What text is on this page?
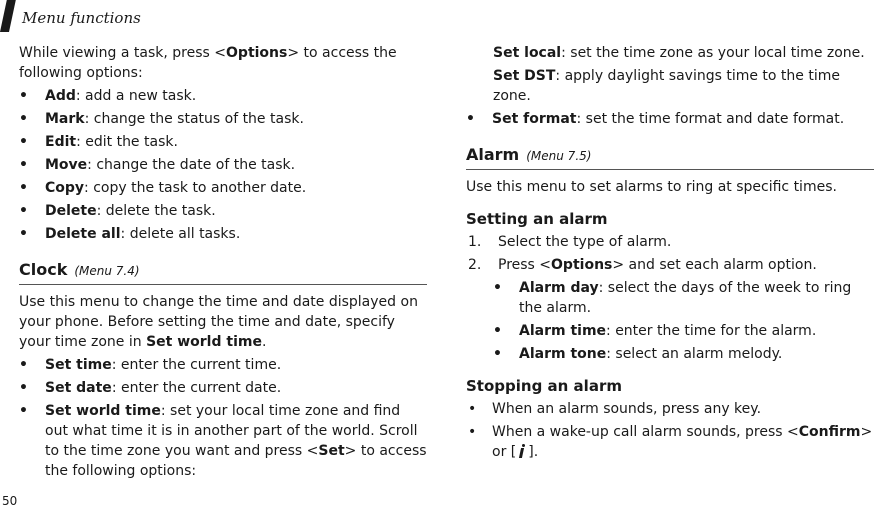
Menu functions

While viewing a task, press <Options> to access the following options:

• Add: add a new task.
• Mark: change the status of the task.
• Edit: edit the task.
• Move: change the date of the task.
• Copy: copy the task to another date.
• Delete: delete the task.
• Delete all: delete all tasks.
Clock (Menu 7.4)

Use this menu to change the time and date displayed on your phone. Before setting the time and date, specify your time zone in Set world time.

• Set time: enter the current time.
• Set date: enter the current date.
• Set world time: set your local time zone and find out what time it is in another part of the world. Scroll to the time zone you want and press <Set> to access the following options:

Set local: set the time zone as your local time zone.

Set DST: apply daylight savings time to the time zone.

• Set format: set the time format and date format.
Alarm (Menu 7.5)

Use this menu to set alarms to ring at specific times.

Setting an alarm
1. Select the type of alarm.
2. Press <Options> and set each alarm option.
• Alarm day: select the days of the week to ring the alarm.
• Alarm time: enter the time for the alarm.
• Alarm tone: select an alarm melody.
Stopping an alarm
• When an alarm sounds, press any key.
• When a wake-up call alarm sounds, press <Confirm> or [ ].
50
